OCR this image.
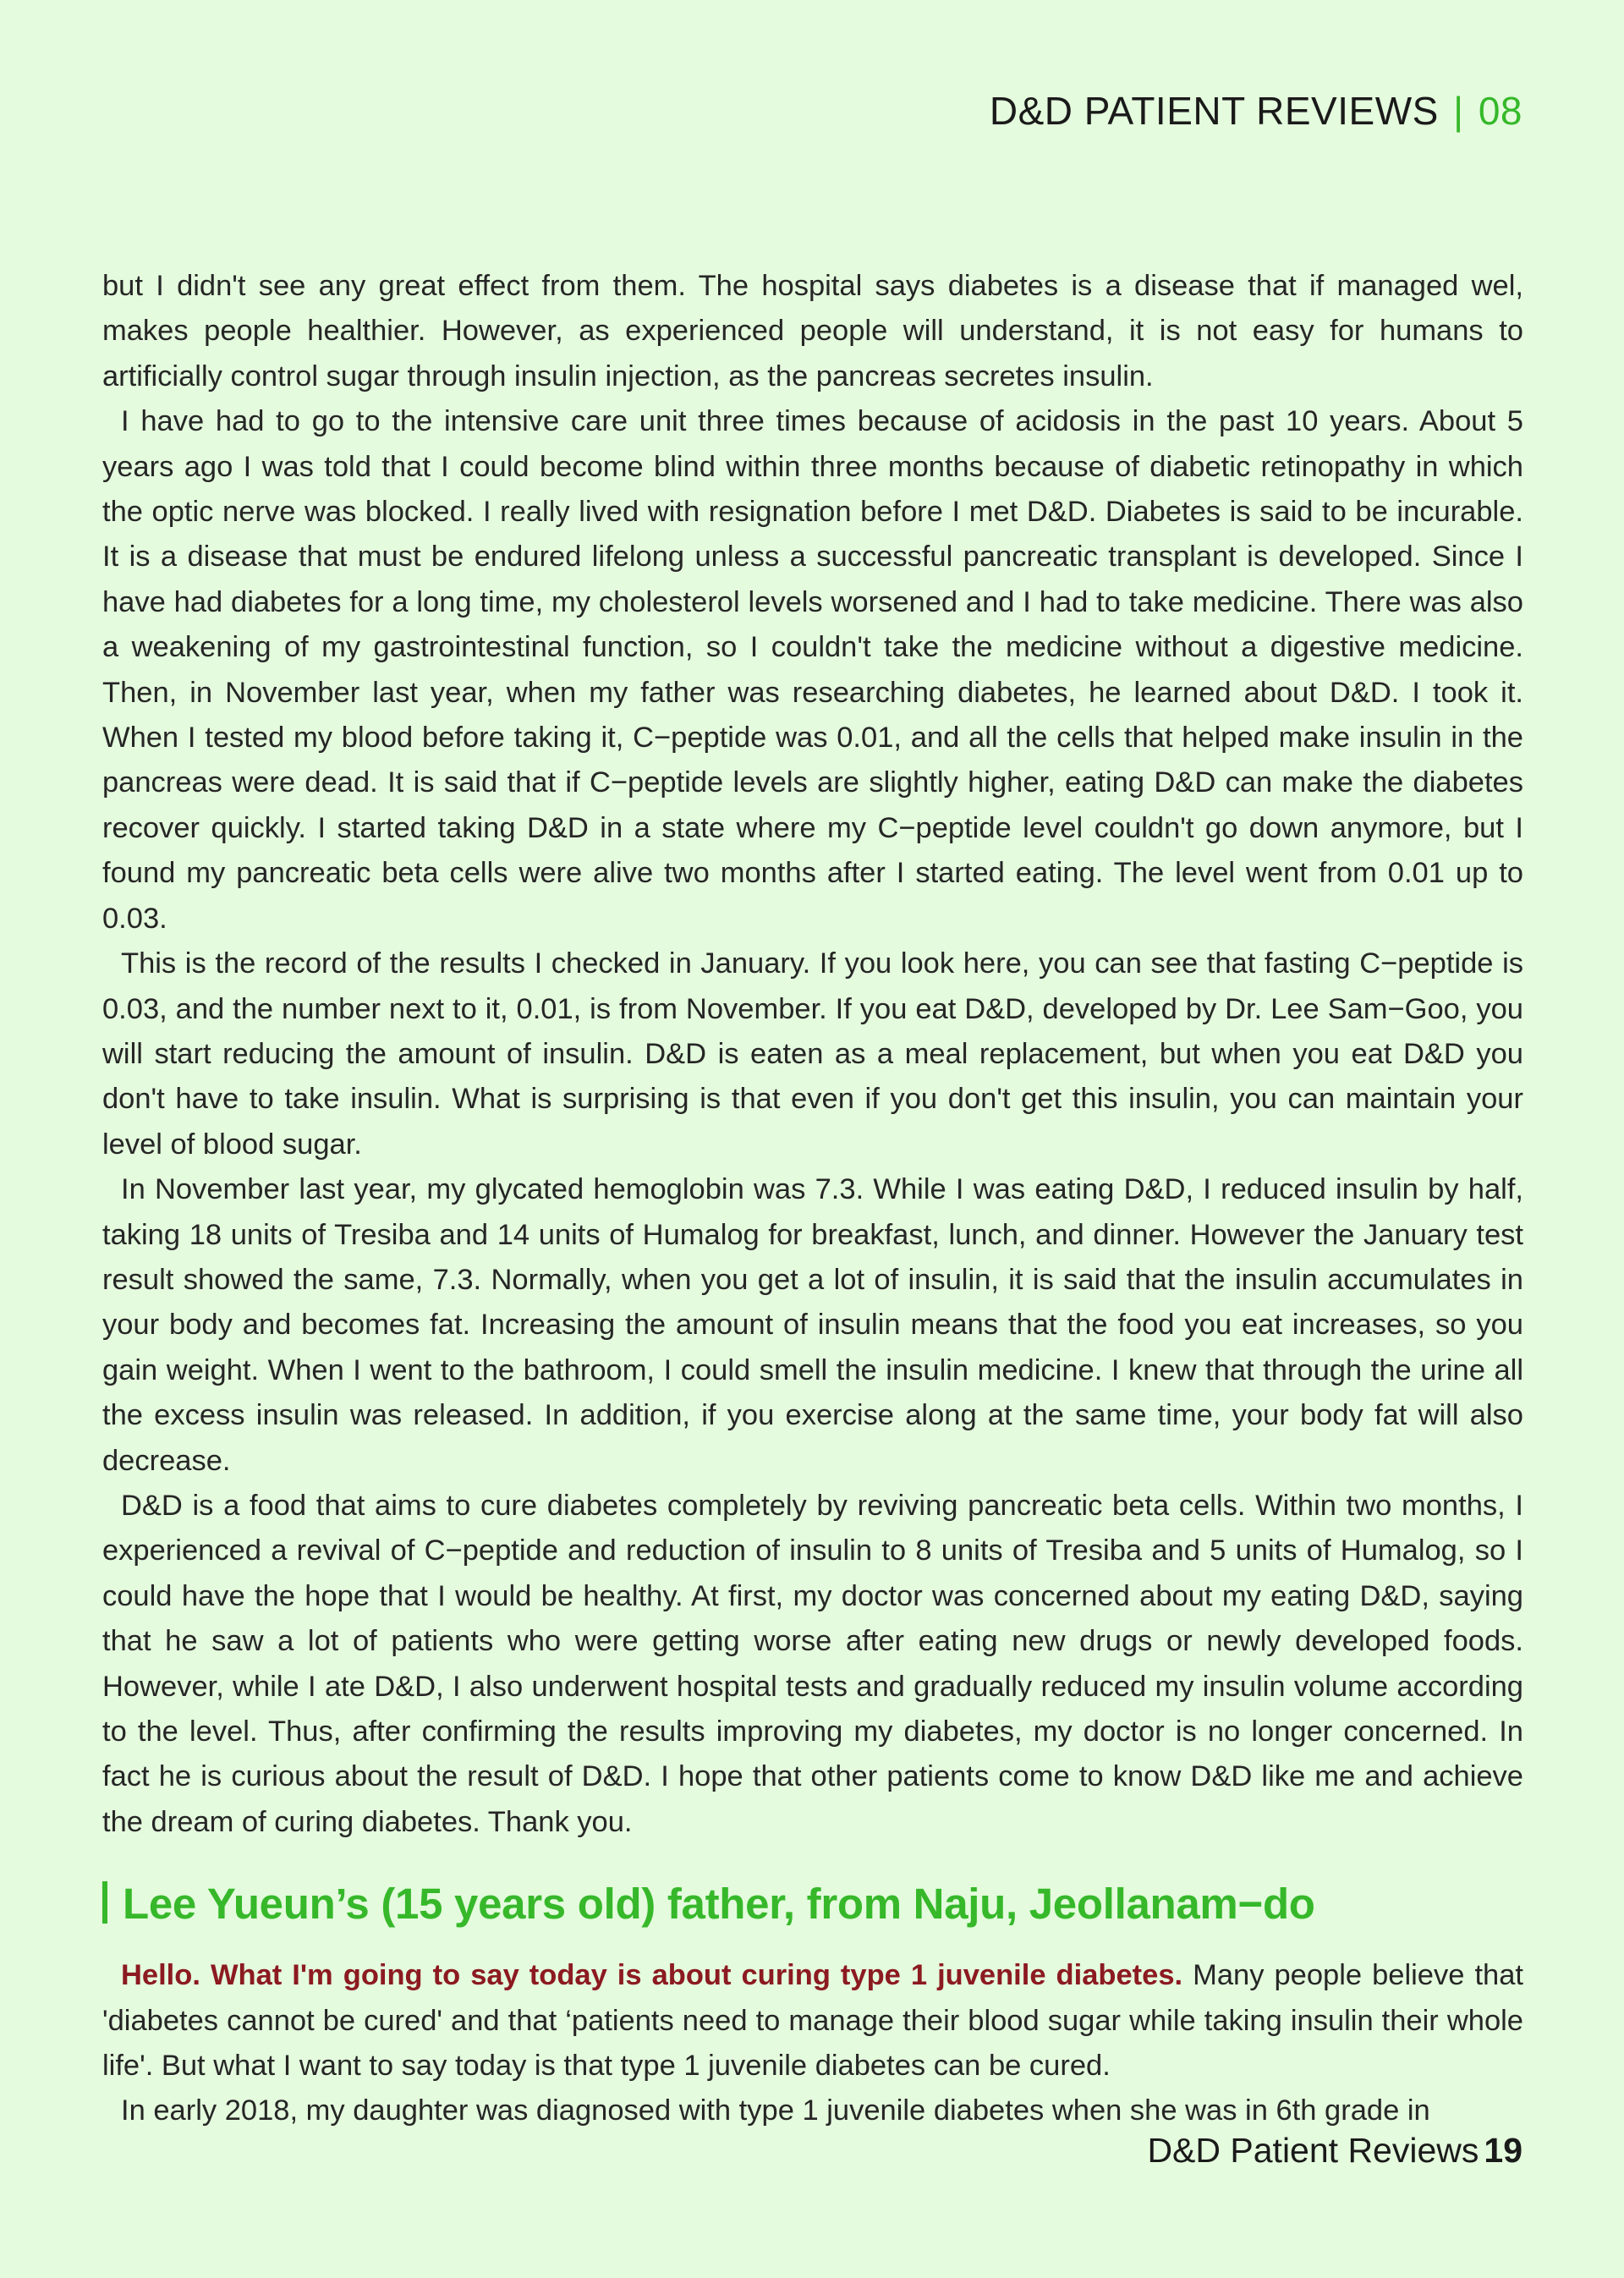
D&D PATIENT REVIEWS | 08

but I didn't see any great effect from them. The hospital says diabetes is a disease that if managed wel, makes people healthier. However, as experienced people will understand, it is not easy for humans to artificially control sugar through insulin injection, as the pancreas secretes insulin.

I have had to go to the intensive care unit three times because of acidosis in the past 10 years. About 5 years ago I was told that I could become blind within three months because of diabetic retinopathy in which the optic nerve was blocked. I really lived with resignation before I met D&D. Diabetes is said to be incurable. It is a disease that must be endured lifelong unless a successful pancreatic transplant is developed. Since I have had diabetes for a long time, my cholesterol levels worsened and I had to take medicine. There was also a weakening of my gastrointestinal function, so I couldn't take the medicine without a digestive medicine. Then, in November last year, when my father was researching diabetes, he learned about D&D. I took it. When I tested my blood before taking it, C−peptide was 0.01, and all the cells that helped make insulin in the pancreas were dead. It is said that if C−peptide levels are slightly higher, eating D&D can make the diabetes recover quickly. I started taking D&D in a state where my C−peptide level couldn't go down anymore, but I found my pancreatic beta cells were alive two months after I started eating. The level went from 0.01 up to 0.03.

This is the record of the results I checked in January. If you look here, you can see that fasting C−peptide is 0.03, and the number next to it, 0.01, is from November. If you eat D&D, developed by Dr. Lee Sam−Goo, you will start reducing the amount of insulin. D&D is eaten as a meal replacement, but when you eat D&D you don't have to take insulin. What is surprising is that even if you don't get this insulin, you can maintain your level of blood sugar.

In November last year, my glycated hemoglobin was 7.3. While I was eating D&D, I reduced insulin by half, taking 18 units of Tresiba and 14 units of Humalog for breakfast, lunch, and dinner. However the January test result showed the same, 7.3. Normally, when you get a lot of insulin, it is said that the insulin accumulates in your body and becomes fat. Increasing the amount of insulin means that the food you eat increases, so you gain weight. When I went to the bathroom, I could smell the insulin medicine. I knew that through the urine all the excess insulin was released. In addition, if you exercise along at the same time, your body fat will also decrease.

D&D is a food that aims to cure diabetes completely by reviving pancreatic beta cells. Within two months, I experienced a revival of C−peptide and reduction of insulin to 8 units of Tresiba and 5 units of Humalog, so I could have the hope that I would be healthy. At first, my doctor was concerned about my eating D&D, saying that he saw a lot of patients who were getting worse after eating new drugs or newly developed foods. However, while I ate D&D, I also underwent hospital tests and gradually reduced my insulin volume according to the level. Thus, after confirming the results improving my diabetes, my doctor is no longer concerned. In fact he is curious about the result of D&D. I hope that other patients come to know D&D like me and achieve the dream of curing diabetes. Thank you.

Lee Yueun’s (15 years old) father, from Naju, Jeollanam−do

Hello. What I'm going to say today is about curing type 1 juvenile diabetes. Many people believe that 'diabetes cannot be cured' and that ‘patients need to manage their blood sugar while taking insulin their whole life'. But what I want to say today is that type 1 juvenile diabetes can be cured.

In early 2018, my daughter was diagnosed with type 1 juvenile diabetes when she was in 6th grade in

D&D Patient Reviews 19
